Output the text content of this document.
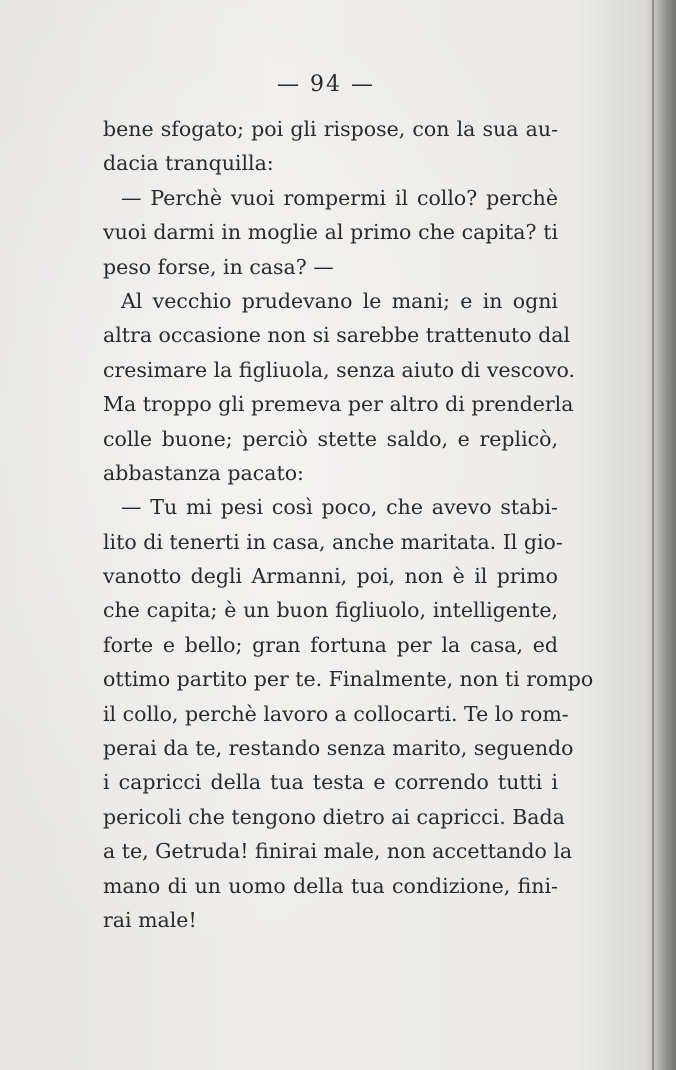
— 94 —
bene sfogato; poi gli rispose, con la sua au-
dacia tranquilla:
— Perchè vuoi rompermi il collo? perchè
vuoi darmi in moglie al primo che capita? ti
peso forse, in casa? —
Al vecchio prudevano le mani; e in ogni
altra occasione non si sarebbe trattenuto dal
cresimare la figliuola, senza aiuto di vescovo.
Ma troppo gli premeva per altro di prenderla
colle buone; perciò stette saldo, e replicò,
abbastanza pacato:
— Tu mi pesi così poco, che avevo stabi-
lito di tenerti in casa, anche maritata. Il gio-
vanotto degli Armanni, poi, non è il primo
che capita; è un buon figliuolo, intelligente,
forte e bello; gran fortuna per la casa, ed
ottimo partito per te. Finalmente, non ti rompo
il collo, perchè lavoro a collocarti. Te lo rom-
perai da te, restando senza marito, seguendo
i capricci della tua testa e correndo tutti i
pericoli che tengono dietro ai capricci. Bada
a te, Getruda! finirai male, non accettando la
mano di un uomo della tua condizione, fini-
rai male!
